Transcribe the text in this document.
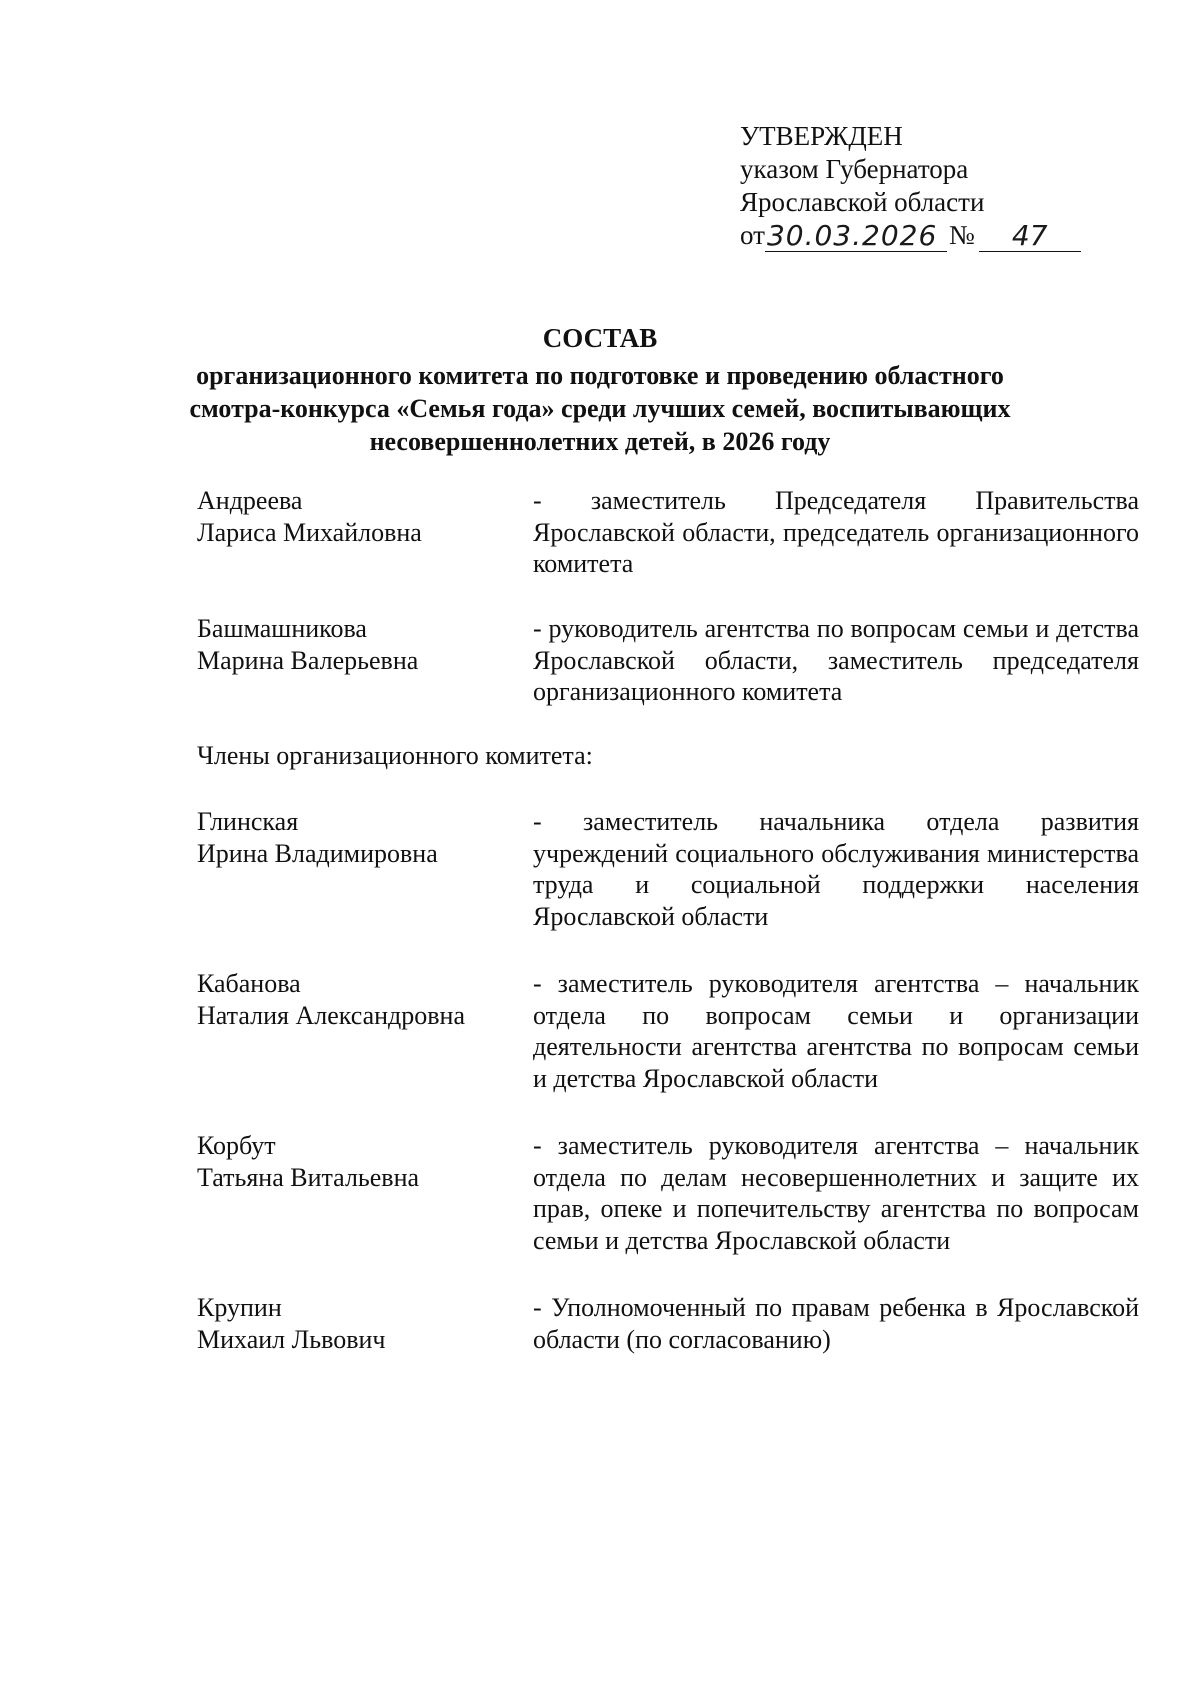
УТВЕРЖДЕН
указом Губернатора
Ярославской области
от 30.03.2026 №	47
СОСТАВ
организационного комитета по подготовке и проведению областного
смотра-конкурса «Семья года» среди лучших семей, воспитывающих
несовершеннолетних детей, в 2026 году
Андреева
Лариса Михайловна
- заместитель Председателя Правительства Ярославской области, председатель организационного комитета
Башмашникова
Марина Валерьевна
- руководитель агентства по вопросам семьи и детства Ярославской области, заместитель председателя организационного комитета
Члены организационного комитета:
Глинская
Ирина Владимировна
- заместитель начальника отдела развития учреждений социального обслуживания министерства труда и социальной поддержки населения Ярославской области
Кабанова
Наталия Александровна
- заместитель руководителя агентства – начальник отдела по вопросам семьи и организации деятельности агентства агентства по вопросам семьи и детства Ярославской области
Корбут
Татьяна Витальевна
- заместитель руководителя агентства – начальник отдела по делам несовершеннолетних и защите их прав, опеке и попечительству агентства по вопросам семьи и детства Ярославской области
Крупин
Михаил Львович
- Уполномоченный по правам ребенка в Ярославской области (по согласованию)
